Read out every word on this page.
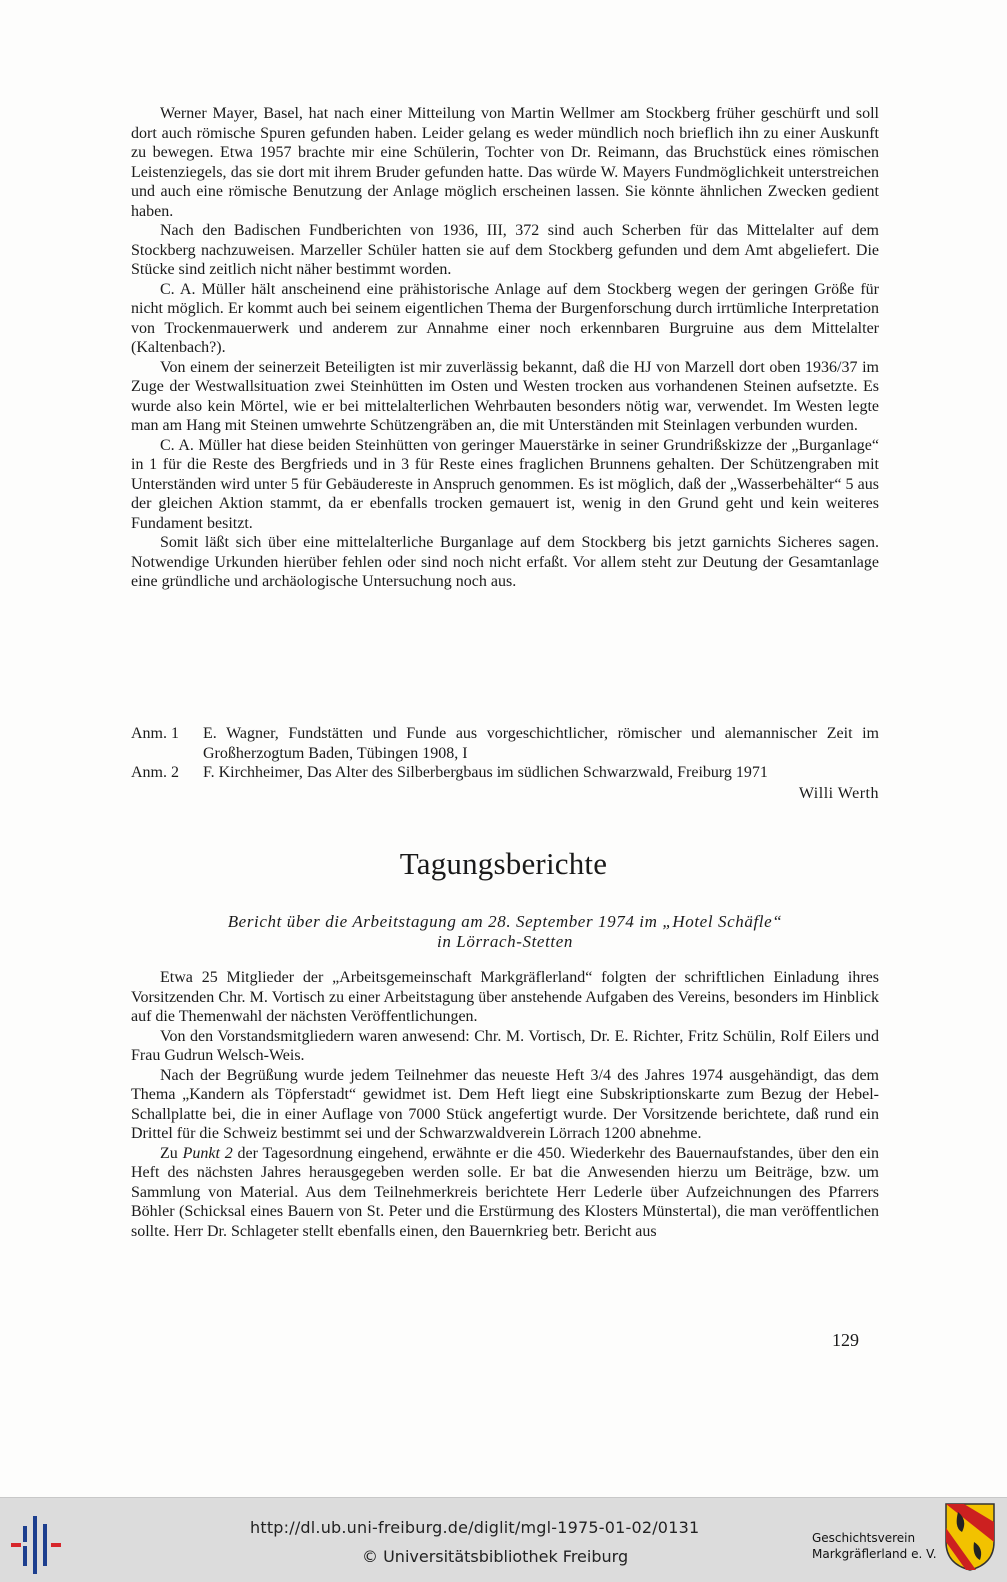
Werner Mayer, Basel, hat nach einer Mitteilung von Martin Wellmer am Stockberg früher geschürft und soll dort auch römische Spuren gefunden haben. Leider gelang es weder mündlich noch brieflich ihn zu einer Auskunft zu bewegen. Etwa 1957 brachte mir eine Schülerin, Tochter von Dr. Reimann, das Bruchstück eines römischen Leistenziegels, das sie dort mit ihrem Bruder gefunden hatte. Das würde W. Mayers Fundmöglichkeit unterstreichen und auch eine römische Benutzung der Anlage möglich erscheinen lassen. Sie könnte ähnlichen Zwecken gedient haben.

Nach den Badischen Fundberichten von 1936, III, 372 sind auch Scherben für das Mittelalter auf dem Stockberg nachzuweisen. Marzeller Schüler hatten sie auf dem Stockberg gefunden und dem Amt abgeliefert. Die Stücke sind zeitlich nicht näher bestimmt worden.

C. A. Müller hält anscheinend eine prähistorische Anlage auf dem Stockberg wegen der geringen Größe für nicht möglich. Er kommt auch bei seinem eigentlichen Thema der Burgenforschung durch irrtümliche Interpretation von Trockenmauerwerk und anderem zur Annahme einer noch erkennbaren Burgruine aus dem Mittelalter (Kaltenbach?).

Von einem der seinerzeit Beteiligten ist mir zuverlässig bekannt, daß die HJ von Marzell dort oben 1936/37 im Zuge der Westwallsituation zwei Steinhütten im Osten und Westen trocken aus vorhandenen Steinen aufsetzte. Es wurde also kein Mörtel, wie er bei mittelalterlichen Wehrbauten besonders nötig war, verwendet. Im Westen legte man am Hang mit Steinen umwehrte Schützengräben an, die mit Unterständen mit Steinlagen verbunden wurden.

C. A. Müller hat diese beiden Steinhütten von geringer Mauerstärke in seiner Grundrißskizze der „Burganlage“ in 1 für die Reste des Bergfrieds und in 3 für Reste eines fraglichen Brunnens gehalten. Der Schützengraben mit Unterständen wird unter 5 für Gebäudereste in Anspruch genommen. Es ist möglich, daß der „Wasserbehälter“ 5 aus der gleichen Aktion stammt, da er ebenfalls trocken gemauert ist, wenig in den Grund geht und kein weiteres Fundament besitzt.

Somit läßt sich über eine mittelalterliche Burganlage auf dem Stockberg bis jetzt garnichts Sicheres sagen. Notwendige Urkunden hierüber fehlen oder sind noch nicht erfaßt. Vor allem steht zur Deutung der Gesamtanlage eine gründliche und archäologische Untersuchung noch aus.

Anm. 1	E. Wagner, Fundstätten und Funde aus vorgeschichtlicher, römischer und alemannischer Zeit im Großherzogtum Baden, Tübingen 1908, I
Anm. 2	F. Kirchheimer, Das Alter des Silberbergbaus im südlichen Schwarzwald, Freiburg 1971
Willi Werth
Tagungsberichte
Bericht über die Arbeitstagung am 28. September 1974 im „Hotel Schäfle“
in Lörrach-Stetten

Etwa 25 Mitglieder der „Arbeitsgemeinschaft Markgräflerland“ folgten der schriftlichen Einladung ihres Vorsitzenden Chr. M. Vortisch zu einer Arbeitstagung über anstehende Aufgaben des Vereins, besonders im Hinblick auf die Themenwahl der nächsten Veröffentlichungen.

Von den Vorstandsmitgliedern waren anwesend: Chr. M. Vortisch, Dr. E. Richter, Fritz Schülin, Rolf Eilers und Frau Gudrun Welsch-Weis.

Nach der Begrüßung wurde jedem Teilnehmer das neueste Heft 3/4 des Jahres 1974 ausgehändigt, das dem Thema „Kandern als Töpferstadt“ gewidmet ist. Dem Heft liegt eine Subskriptionskarte zum Bezug der Hebel-Schallplatte bei, die in einer Auflage von 7000 Stück angefertigt wurde. Der Vorsitzende berichtete, daß rund ein Drittel für die Schweiz bestimmt sei und der Schwarzwaldverein Lörrach 1200 abnehme.

Zu Punkt 2 der Tagesordnung eingehend, erwähnte er die 450. Wiederkehr des Bauernaufstandes, über den ein Heft des nächsten Jahres herausgegeben werden solle. Er bat die Anwesenden hierzu um Beiträge, bzw. um Sammlung von Material. Aus dem Teilnehmerkreis berichtete Herr Lederle über Aufzeichnungen des Pfarrers Böhler (Schicksal eines Bauern von St. Peter und die Erstürmung des Klosters Münstertal), die man veröffentlichen sollte. Herr Dr. Schlageter stellt ebenfalls einen, den Bauernkrieg betr. Bericht aus

129
http://dl.ub.uni-freiburg.de/diglit/mgl-1975-01-02/0131
© Universitätsbibliothek Freiburg
Geschichtsverein
Markgräflerland e. V.
